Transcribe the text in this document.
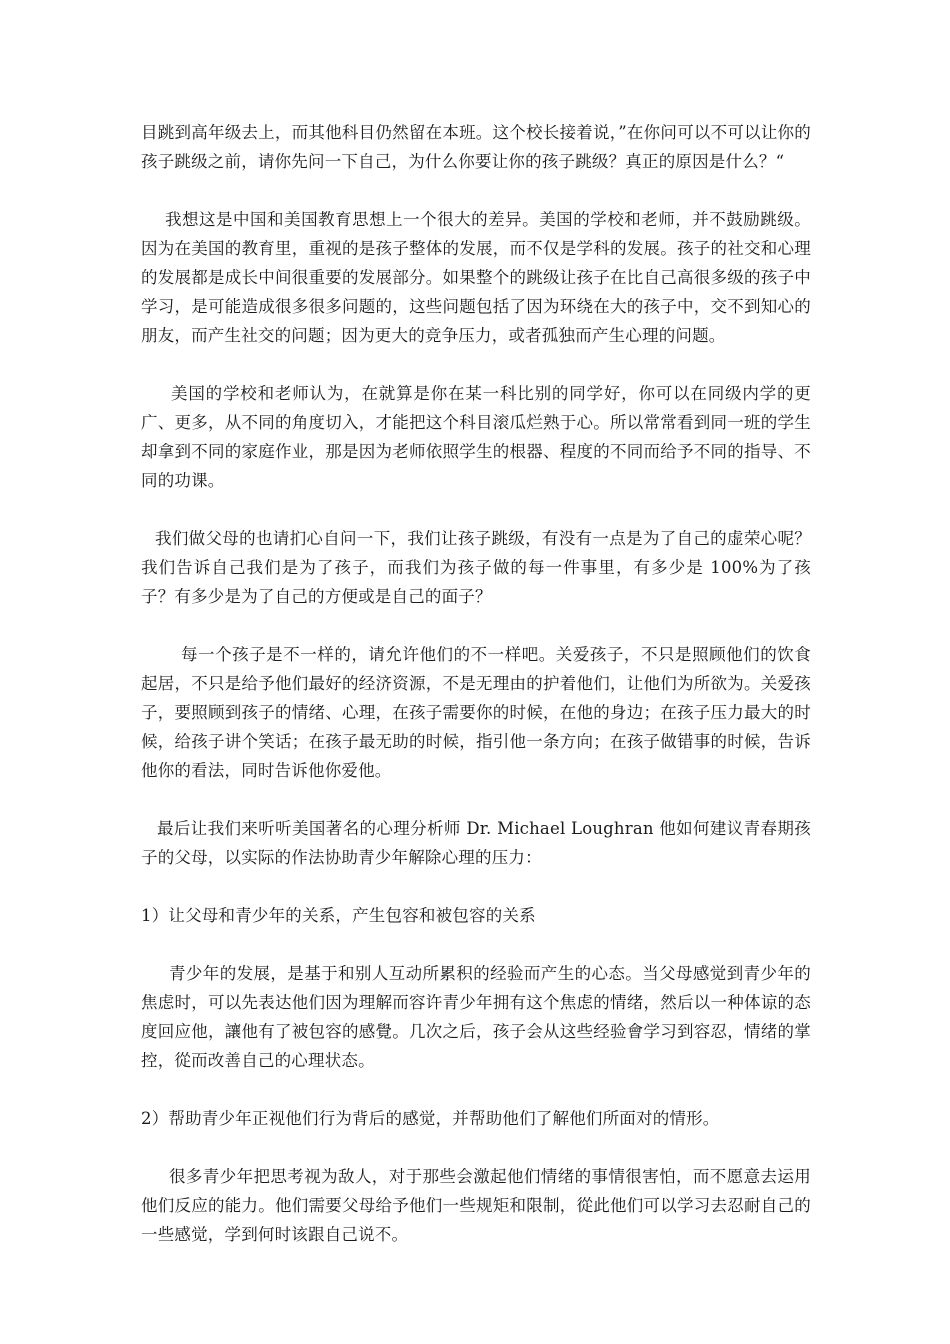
目跳到高年级去上，而其他科目仍然留在本班。这个校长接着说，”在你问可以不可以让你的孩子跳级之前，请你先问一下自己，为什么你要让你的孩子跳级？真正的原因是什么？“

我想这是中国和美国教育思想上一个很大的差异。美国的学校和老师，并不鼓励跳级。因为在美国的教育里，重视的是孩子整体的发展，而不仅是学科的发展。孩子的社交和心理的发展都是成长中间很重要的发展部分。如果整个的跳级让孩子在比自己高很多级的孩子中学习，是可能造成很多很多问题的，这些问题包括了因为环绕在大的孩子中，交不到知心的朋友，而产生社交的问题；因为更大的竞争压力，或者孤独而产生心理的问题。

美国的学校和老师认为，在就算是你在某一科比别的同学好，你可以在同级内学的更广、更多，从不同的角度切入，才能把这个科目滚瓜烂熟于心。所以常常看到同一班的学生却拿到不同的家庭作业，那是因为老师依照学生的根器、程度的不同而给予不同的指导、不同的功课。

我们做父母的也请扪心自问一下，我们让孩子跳级，有没有一点是为了自己的虚荣心呢？我们告诉自己我们是为了孩子，而我们为孩子做的每一件事里，有多少是 100%为了孩子？有多少是为了自己的方便或是自己的面子？

每一个孩子是不一样的，请允许他们的不一样吧。关爱孩子，不只是照顾他们的饮食起居，不只是给予他们最好的经济资源，不是无理由的护着他们，让他们为所欲为。关爱孩子，要照顾到孩子的情绪、心理，在孩子需要你的时候，在他的身边；在孩子压力最大的时候，给孩子讲个笑话；在孩子最无助的时候，指引他一条方向；在孩子做错事的时候，告诉他你的看法，同时告诉他你爱他。

最后让我们来听听美国著名的心理分析师 Dr. Michael Loughran 他如何建议青春期孩子的父母，以实际的作法协助青少年解除心理的压力：

1）让父母和青少年的关系，产生包容和被包容的关系

青少年的发展，是基于和别人互动所累积的经验而产生的心态。当父母感觉到青少年的焦虑时，可以先表达他们因为理解而容许青少年拥有这个焦虑的情绪，然后以一种体谅的态度回应他，讓他有了被包容的感覺。几次之后，孩子会从这些经验會学习到容忍，情绪的掌控，從而改善自己的心理状态。

2）帮助青少年正视他们行为背后的感觉，并帮助他们了解他们所面对的情形。

很多青少年把思考视为敌人，对于那些会激起他们情绪的事情很害怕，而不愿意去运用他们反应的能力。他们需要父母给予他们一些规矩和限制，從此他们可以学习去忍耐自己的一些感觉，学到何时该跟自己说不。
